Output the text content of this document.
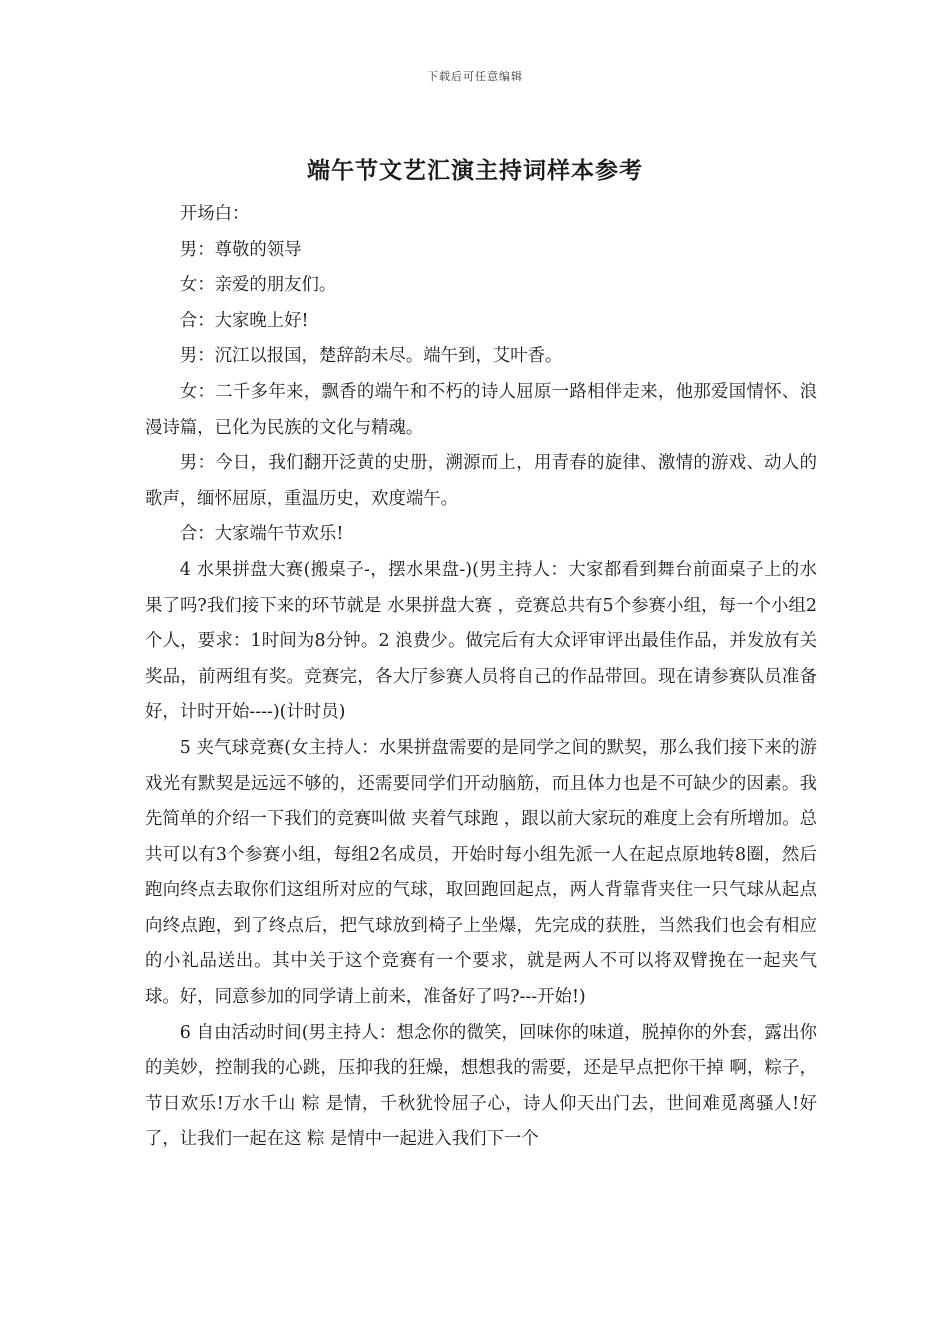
下载后可任意编辑
端午节文艺汇演主持词样本参考

开场白：

男：尊敬的领导

女：亲爱的朋友们。

合：大家晚上好!

男：沉江以报国，楚辞韵未尽。端午到，艾叶香。

女：二千多年来，飘香的端午和不朽的诗人屈原一路相伴走来，他那爱国情怀、浪漫诗篇，已化为民族的文化与精魂。

男：今日，我们翻开泛黄的史册，溯源而上，用青春的旋律、激情的游戏、动人的歌声，缅怀屈原，重温历史，欢度端午。

合：大家端午节欢乐!

4 水果拼盘大赛(搬桌子-，摆水果盘-)(男主持人：大家都看到舞台前面桌子上的水果了吗?我们接下来的环节就是 水果拼盘大赛 ，竞赛总共有5个参赛小组，每一个小组2个人，要求：1时间为8分钟。2 浪费少。做完后有大众评审评出最佳作品，并发放有关奖品，前两组有奖。竞赛完，各大厅参赛人员将自己的作品带回。现在请参赛队员准备好，计时开始----)(计时员)

5 夹气球竞赛(女主持人：水果拼盘需要的是同学之间的默契，那么我们接下来的游戏光有默契是远远不够的，还需要同学们开动脑筋，而且体力也是不可缺少的因素。我先简单的介绍一下我们的竞赛叫做 夹着气球跑 ，跟以前大家玩的难度上会有所增加。总共可以有3个参赛小组，每组2名成员，开始时每小组先派一人在起点原地转8圈，然后跑向终点去取你们这组所对应的气球，取回跑回起点，两人背靠背夹住一只气球从起点向终点跑，到了终点后，把气球放到椅子上坐爆，先完成的获胜，当然我们也会有相应的小礼品送出。其中关于这个竞赛有一个要求，就是两人不可以将双臂挽在一起夹气球。好，同意参加的同学请上前来，准备好了吗?---开始!)

6 自由活动时间(男主持人：想念你的微笑，回味你的味道，脱掉你的外套，露出你的美妙，控制我的心跳，压抑我的狂燥，想想我的需要，还是早点把你干掉 啊，粽子，节日欢乐!万水千山 粽 是情，千秋犹怜屈子心，诗人仰天出门去，世间难觅离骚人!好了，让我们一起在这 粽 是情中一起进入我们下一个
